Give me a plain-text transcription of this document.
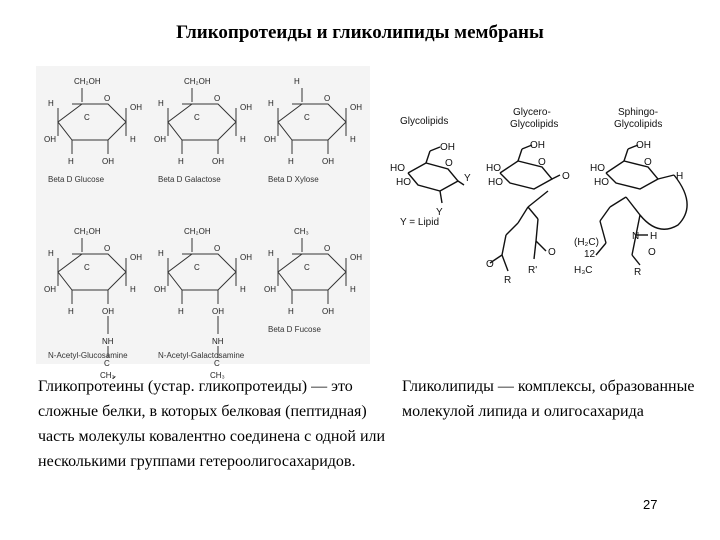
Гликопротеиды и гликолипиды мембраны
CH₂OH
O
H
OH
OH
H
H	OH
C
Beta D Glucose
CH₂OH
O
H
OH
OH
H
H	OH
C
Beta D Galactose
H
O
H
OH
OH
H
H	OH
C
Beta D Xylose
CH₂OH
O
H
OH
OH
H
H	OH
C
NH
C
CH₃
N-Acetyl-Glucosamine
CH₂OH
O
H
OH
OH
H
H	OH
C
NH
C
CH₃
N-Acetyl-Galactosamine
CH₃
O
H
OH
OH
H
H	OH
C
Beta D Fucose
Glycolipids
Glycero-
Glycolipids
Sphingo-
Glycolipids
OH
O
Y
Y
HO
HO
Y = Lipid
OH
O
O
HO
HO
O
O
R
R'
OH
O
H
HO
HO
(H₂C)
12
H₃C
N H
O
R
Гликопроте́ины (устар. гликопротеиды) — это сложные белки, в которых белковая (пептидная) часть молекулы ковалентно соединена с одной или несколькими группами гетероолигосахаридов.
Гликолипиды — комплексы, образованные молекулой липида и олигосахарида
27
